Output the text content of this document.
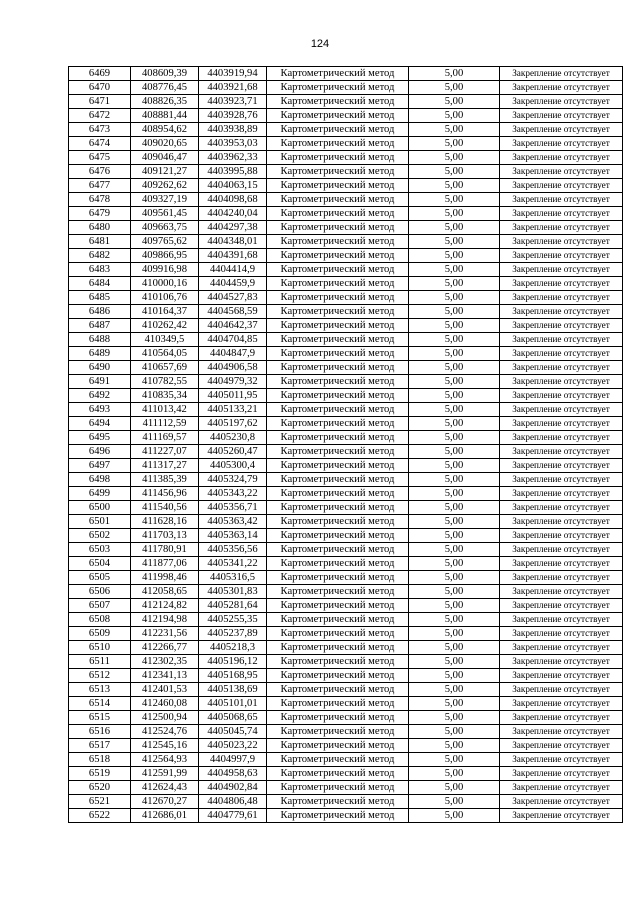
124
6469	408609,39	4403919,94	Картометрический метод	5,00	Закрепление отсутствует
6470	408776,45	4403921,68	Картометрический метод	5,00	Закрепление отсутствует
6471	408826,35	4403923,71	Картометрический метод	5,00	Закрепление отсутствует
6472	408881,44	4403928,76	Картометрический метод	5,00	Закрепление отсутствует
6473	408954,62	4403938,89	Картометрический метод	5,00	Закрепление отсутствует
6474	409020,65	4403953,03	Картометрический метод	5,00	Закрепление отсутствует
6475	409046,47	4403962,33	Картометрический метод	5,00	Закрепление отсутствует
6476	409121,27	4403995,88	Картометрический метод	5,00	Закрепление отсутствует
6477	409262,62	4404063,15	Картометрический метод	5,00	Закрепление отсутствует
6478	409327,19	4404098,68	Картометрический метод	5,00	Закрепление отсутствует
6479	409561,45	4404240,04	Картометрический метод	5,00	Закрепление отсутствует
6480	409663,75	4404297,38	Картометрический метод	5,00	Закрепление отсутствует
6481	409765,62	4404348,01	Картометрический метод	5,00	Закрепление отсутствует
6482	409866,95	4404391,68	Картометрический метод	5,00	Закрепление отсутствует
6483	409916,98	4404414,9	Картометрический метод	5,00	Закрепление отсутствует
6484	410000,16	4404459,9	Картометрический метод	5,00	Закрепление отсутствует
6485	410106,76	4404527,83	Картометрический метод	5,00	Закрепление отсутствует
6486	410164,37	4404568,59	Картометрический метод	5,00	Закрепление отсутствует
6487	410262,42	4404642,37	Картометрический метод	5,00	Закрепление отсутствует
6488	410349,5	4404704,85	Картометрический метод	5,00	Закрепление отсутствует
6489	410564,05	4404847,9	Картометрический метод	5,00	Закрепление отсутствует
6490	410657,69	4404906,58	Картометрический метод	5,00	Закрепление отсутствует
6491	410782,55	4404979,32	Картометрический метод	5,00	Закрепление отсутствует
6492	410835,34	4405011,95	Картометрический метод	5,00	Закрепление отсутствует
6493	411013,42	4405133,21	Картометрический метод	5,00	Закрепление отсутствует
6494	411112,59	4405197,62	Картометрический метод	5,00	Закрепление отсутствует
6495	411169,57	4405230,8	Картометрический метод	5,00	Закрепление отсутствует
6496	411227,07	4405260,47	Картометрический метод	5,00	Закрепление отсутствует
6497	411317,27	4405300,4	Картометрический метод	5,00	Закрепление отсутствует
6498	411385,39	4405324,79	Картометрический метод	5,00	Закрепление отсутствует
6499	411456,96	4405343,22	Картометрический метод	5,00	Закрепление отсутствует
6500	411540,56	4405356,71	Картометрический метод	5,00	Закрепление отсутствует
6501	411628,16	4405363,42	Картометрический метод	5,00	Закрепление отсутствует
6502	411703,13	4405363,14	Картометрический метод	5,00	Закрепление отсутствует
6503	411780,91	4405356,56	Картометрический метод	5,00	Закрепление отсутствует
6504	411877,06	4405341,22	Картометрический метод	5,00	Закрепление отсутствует
6505	411998,46	4405316,5	Картометрический метод	5,00	Закрепление отсутствует
6506	412058,65	4405301,83	Картометрический метод	5,00	Закрепление отсутствует
6507	412124,82	4405281,64	Картометрический метод	5,00	Закрепление отсутствует
6508	412194,98	4405255,35	Картометрический метод	5,00	Закрепление отсутствует
6509	412231,56	4405237,89	Картометрический метод	5,00	Закрепление отсутствует
6510	412266,77	4405218,3	Картометрический метод	5,00	Закрепление отсутствует
6511	412302,35	4405196,12	Картометрический метод	5,00	Закрепление отсутствует
6512	412341,13	4405168,95	Картометрический метод	5,00	Закрепление отсутствует
6513	412401,53	4405138,69	Картометрический метод	5,00	Закрепление отсутствует
6514	412460,08	4405101,01	Картометрический метод	5,00	Закрепление отсутствует
6515	412500,94	4405068,65	Картометрический метод	5,00	Закрепление отсутствует
6516	412524,76	4405045,74	Картометрический метод	5,00	Закрепление отсутствует
6517	412545,16	4405023,22	Картометрический метод	5,00	Закрепление отсутствует
6518	412564,93	4404997,9	Картометрический метод	5,00	Закрепление отсутствует
6519	412591,99	4404958,63	Картометрический метод	5,00	Закрепление отсутствует
6520	412624,43	4404902,84	Картометрический метод	5,00	Закрепление отсутствует
6521	412670,27	4404806,48	Картометрический метод	5,00	Закрепление отсутствует
6522	412686,01	4404779,61	Картометрический метод	5,00	Закрепление отсутствует
